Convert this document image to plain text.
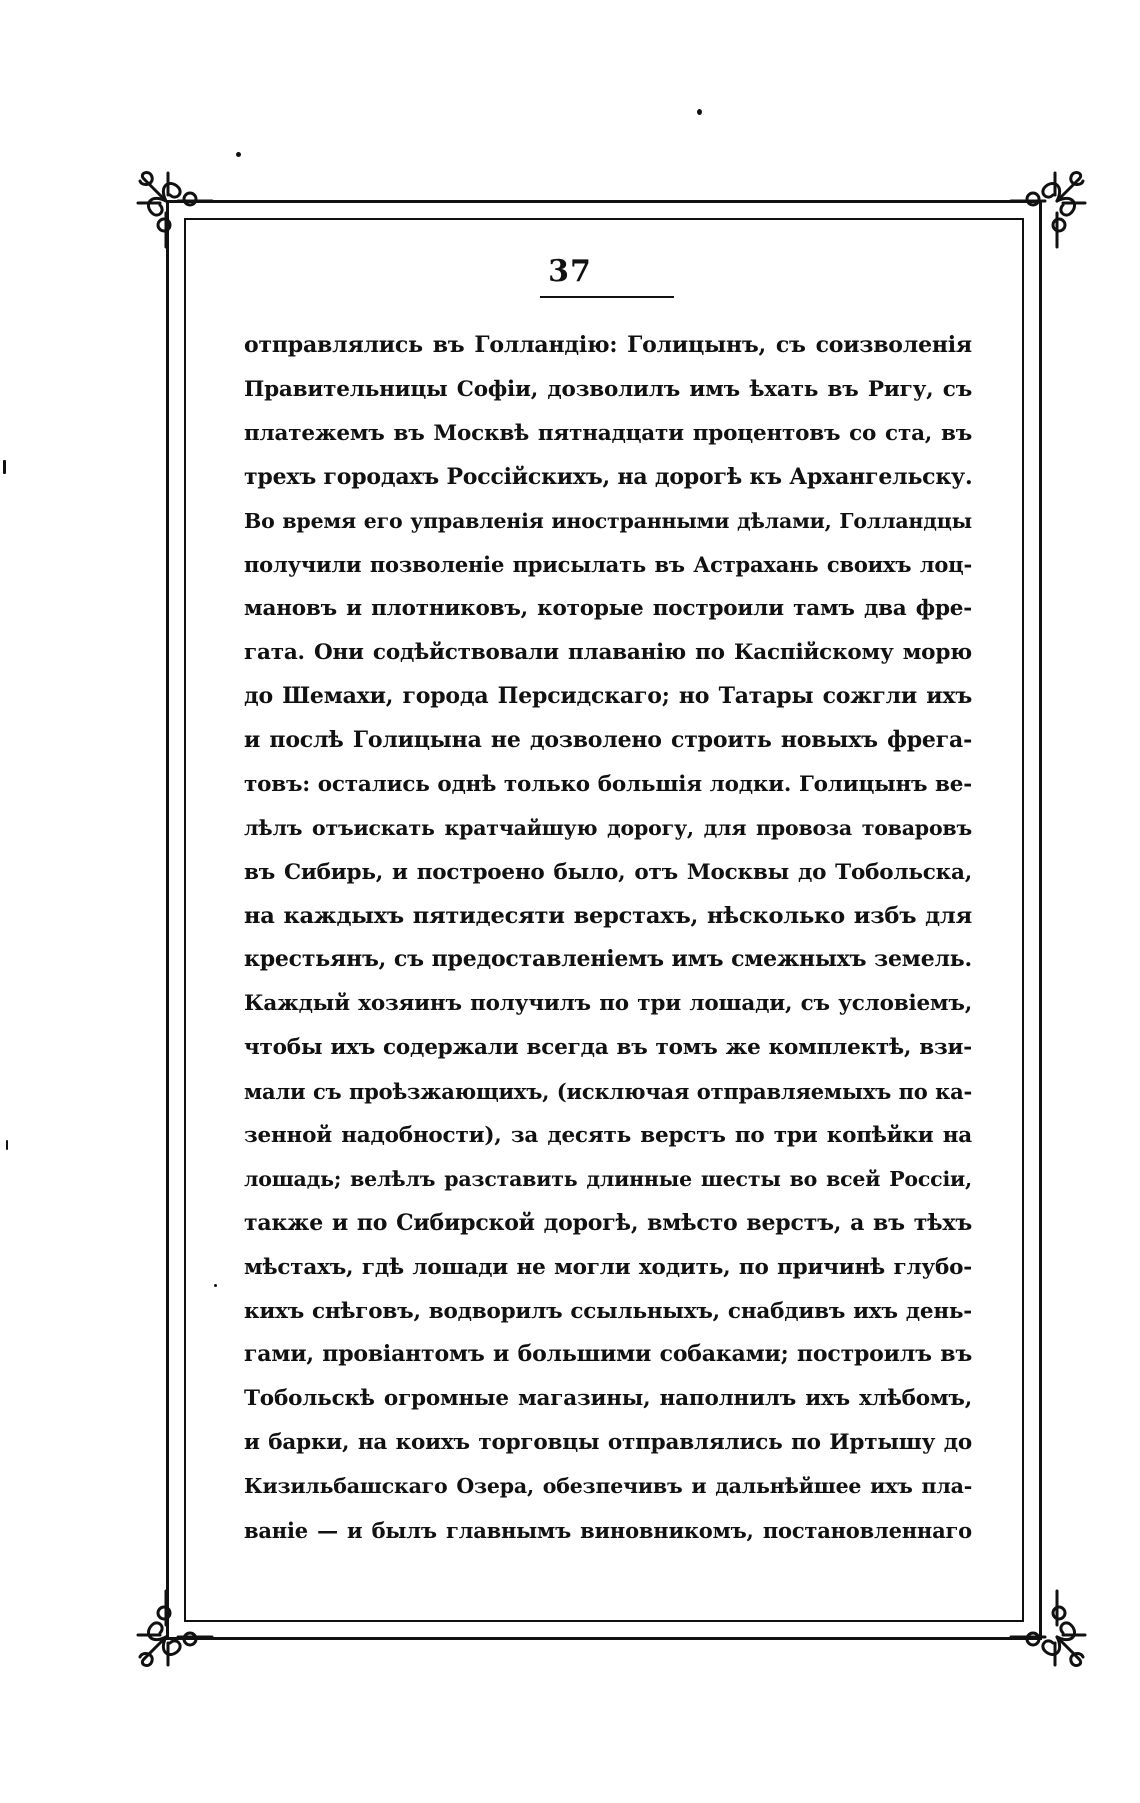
37
отправлялись въ Голландію: Голицынъ, съ соизволенія
Правительницы Софіи, дозволилъ имъ ѣхать въ Ригу, съ
платежемъ въ Москвѣ пятнадцати процентовъ со ста, въ
трехъ городахъ Россійскихъ, на дорогѣ къ Архангельску.
Во время его управленія иностранными дѣлами, Голландцы
получили позволеніе присылать въ Астрахань своихъ лоц-
мановъ и плотниковъ, которые построили тамъ два фре-
гата. Они содѣйствовали плаванію по Каспійскому морю
до Шемахи, города Персидскаго; но Татары сожгли ихъ
и послѣ Голицына не дозволено строить новыхъ фрега-
товъ: остались однѣ только большія лодки. Голицынъ ве-
лѣлъ отъискать кратчайшую дорогу, для провоза товаровъ
въ Сибирь, и построено было, отъ Москвы до Тобольска,
на каждыхъ пятидесяти верстахъ, нѣсколько избъ для
крестьянъ, съ предоставленіемъ имъ смежныхъ земель.
Каждый хозяинъ получилъ по три лошади, съ условіемъ,
чтобы ихъ содержали всегда въ томъ же комплектѣ, взи-
мали съ проѣзжающихъ, (исключая отправляемыхъ по ка-
зенной надобности), за десять верстъ по три копѣйки на
лошадь; велѣлъ разставить длинные шесты во всей Россіи,
также и по Сибирской дорогѣ, вмѣсто верстъ, а въ тѣхъ
мѣстахъ, гдѣ лошади не могли ходить, по причинѣ глубо-
кихъ снѣговъ, водворилъ ссыльныхъ, снабдивъ ихъ день-
гами, провіантомъ и большими собаками; построилъ въ
Тобольскѣ огромные магазины, наполнилъ ихъ хлѣбомъ,
и барки, на коихъ торговцы отправлялись по Иртышу до
Кизильбашскаго Озера, обезпечивъ и дальнѣйшее ихъ пла-
ваніе — и былъ главнымъ виновникомъ, постановленнаго
